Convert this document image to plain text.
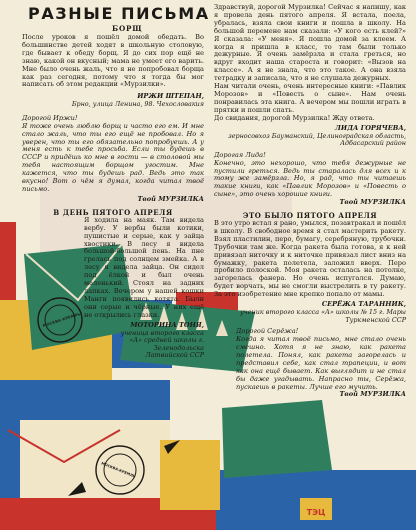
МОСКВА-КРЕМЛЬ
МОСКВА-КРЕМЛЬ
ТЭЦ
РАЗНЫЕ ПИСЬМА
БОРЩ

После уроков я пошёл домой обедать. Во большинстве детей ходят в школьную столовую, где бывает к обеду борщ. Я до сих пор ещё не знаю, какой он вкусный; мама не умеет его варить. Мне было очень жаль, что я не попробовал борща как раз сегодня, потому что я тогда бы мог написать об этом редакции «Мурзилки».

ИРЖИ ШТЕПАН,

Брно, улица Ленина, 98. Чехословакия

Дорогой Иржи!

Я тоже очень люблю борщ и часто его ем. И мне стало жаль, что ты его ещё не пробовал. Но я уверен, что ты его обязательно попробуешь. А у меня есть к тебе просьба. Если ты будешь в СССР и придёшь ко мне в гости — в столовой мы тебя настоящим борщом угостим. Мне кажется, что ты будешь рад. Ведь это так вкусно! Вот о чём я думал, когда читал твоё письмо.

Твой МУРЗИЛКА

В ДЕНЬ ПЯТОГО АПРЕЛЯ

Я ходила на маяк. Там видела вербу. У вербы были котики, пушистые и серые, как у зайца хвостики. В лесу я видела большой-большой пень. На пне грелась под солнцем змейка. А в лесу я видела зайца. Он сидел под ёлкой и был очень маленький. Стоял на задних лапках. Вечером у нашей кошки Манги появились котята. Были они серые и чёрные. У них ещё не открылись глазки.

МОТОРИНА ТОНЯ,

ученица второго класса «А» средней школы г. Зеленодольска Латвийской ССР

Здравствуй, дорогой Мурзилка! Сейчас я напишу, как я провела день пятого апреля. Я встала, поела, убралась, взяла свои книги и пошла в школу. На большой перемене нам сказали: «У кого есть клей?» Я сказала: «У меня». Я пошла домой за клеем. А когда я пришла в класс, то там были только дежурные. Я очень замёрзла и стала греться, но вдруг входит наша староста и говорит: «Вызов на классе». А я не знала, что это такое. А она взяла тетрадку и записала, что я не слушала дежурных.

Нам читали очень, очень интересные книги: «Павлик Морозов» и «Повесть о сыне». Нам очень понравилась эта книга. А вечером мы пошли играть в прятки и пошли спать.

До свидания, дорогой Мурзилка! Жду ответа.

ЛИДА ГОРЯЧЕВА,

зерносовхоз Бауманский, Целиноградская область, Адбасарский район

Дорогая Лида!

Конечно, это нехорошо, что тебя дежурные не пустили греться. Ведь ты старалась для всех и к тому же замёрзла. Но, я рад, что ты читаешь такие книги, как «Павлик Морозов» и «Повесть о сыне», это очень хорошие книги.

Твой МУРЗИЛКА

ЭТО БЫЛО ПЯТОГО АПРЕЛЯ

В это утро встал я рано, умылся, позавтракал и пошёл в школу. В свободное время я стал мастерить ракету. Взял пластилин, перо, бумагу, серебряную, трубочки. Трубочки там же. Когда ракета была готова, я к ней привязал ниточку и к ниточке привязал лист вниз на бумажку, ракета полетела, заложил вверх. Перо пробило полоской. Моя ракета осталась на потолке, загорелась фанера. Но очень испугался. Думаю, будет ворчать, мы не смогли выстрелить в ту ракету. За это изобретение мне крепко попало от мамы.

СЕРЁЖА ТАРАННИК,

ученик второго класса «А» школы № 15 г. Мары Туркменской ССР

Дорогой Серёжа!

Когда я читал твоё письмо, мне стало очень смешно. Хотя я не знаю, как ракета полетела. Понял, как ракета загорелась и представил себе, как стал трапеции, и вот как она ещё бывает. Как выглядит и не стал бы даже угадывать. Напрасно ты, Серёжа, пускаешь в ракеты. Лучше его мучить.

Твой МУРЗИЛКА
